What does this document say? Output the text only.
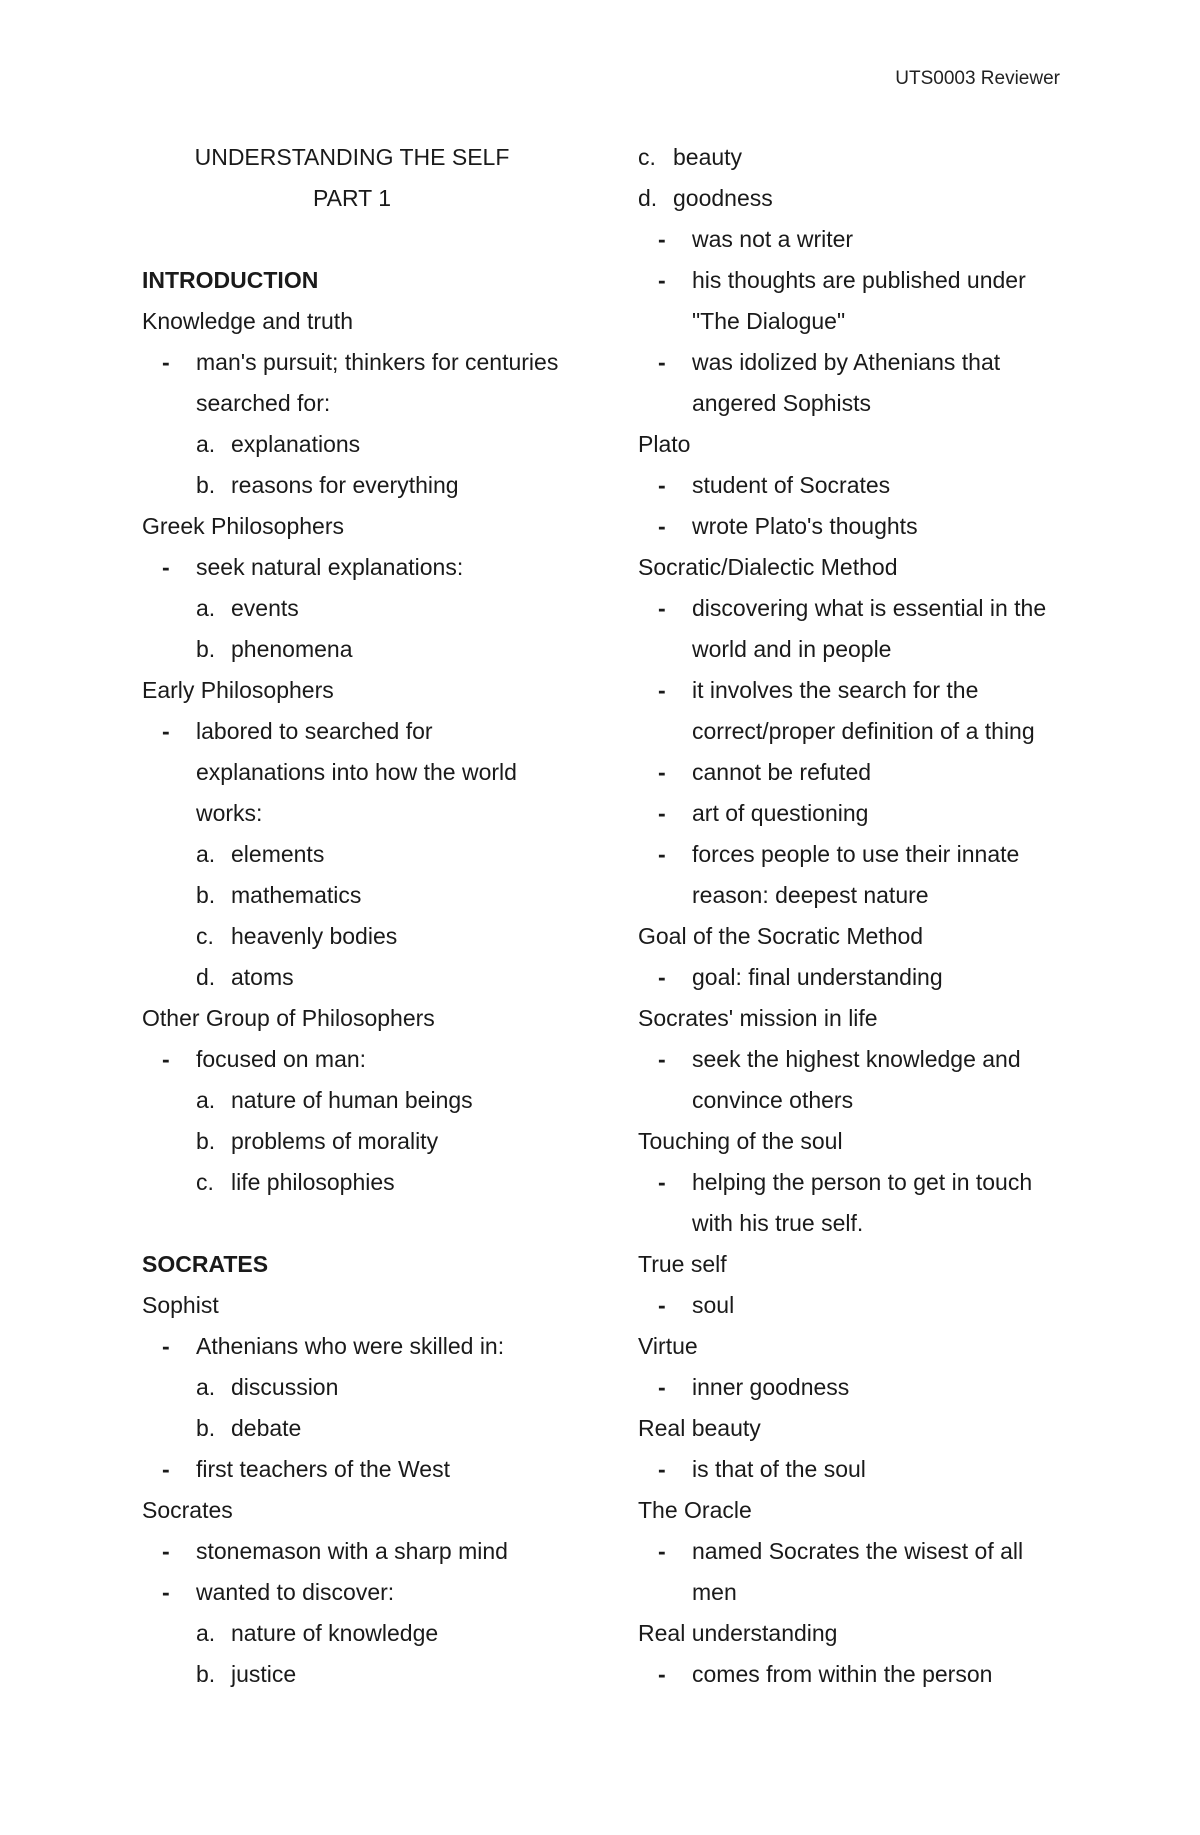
UTS0003 Reviewer
UNDERSTANDING THE SELF
PART 1
INTRODUCTION
Knowledge and truth
- man's pursuit; thinkers for centuries searched for:
a. explanations
b. reasons for everything
Greek Philosophers
- seek natural explanations:
a. events
b. phenomena
Early Philosophers
- labored to searched for explanations into how the world works:
a. elements
b. mathematics
c. heavenly bodies
d. atoms
Other Group of Philosophers
- focused on man:
a. nature of human beings
b. problems of morality
c. life philosophies
SOCRATES
Sophist
- Athenians who were skilled in:
a. discussion
b. debate
- first teachers of the West
Socrates
- stonemason with a sharp mind
- wanted to discover:
a. nature of knowledge
b. justice
c. beauty
d. goodness
- was not a writer
- his thoughts are published under "The Dialogue"
- was idolized by Athenians that angered Sophists
Plato
- student of Socrates
- wrote Plato's thoughts
Socratic/Dialectic Method
- discovering what is essential in the world and in people
- it involves the search for the correct/proper definition of a thing
- cannot be refuted
- art of questioning
- forces people to use their innate reason: deepest nature
Goal of the Socratic Method
- goal: final understanding
Socrates' mission in life
- seek the highest knowledge and convince others
Touching of the soul
- helping the person to get in touch with his true self.
True self
- soul
Virtue
- inner goodness
Real beauty
- is that of the soul
The Oracle
- named Socrates the wisest of all men
Real understanding
- comes from within the person
